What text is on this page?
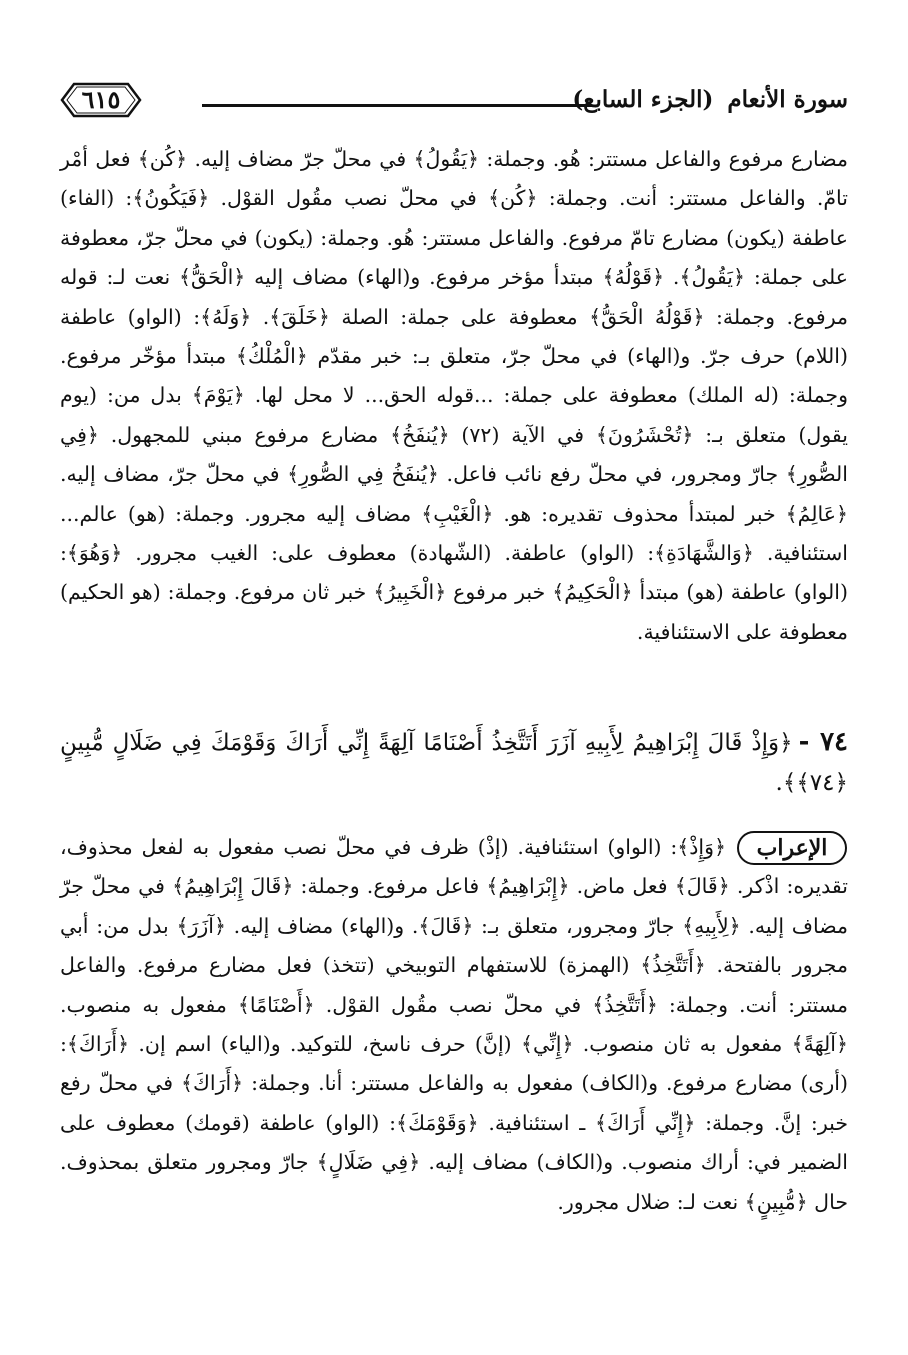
٦١٥	سورة الأنعام(الجزء السابع)

مضارع مرفوع والفاعل مستتر: هُو. وجملة: ﴿يَقُولُ﴾ في محلّ جرّ مضاف إليه. ﴿كُن﴾ فعل أمْر تامّ. والفاعل مستتر: أنت. وجملة: ﴿كُن﴾ في محلّ نصب مقُول القوْل. ﴿فَيَكُونُ﴾: (الفاء) عاطفة (يكون) مضارع تامّ مرفوع. والفاعل مستتر: هُو. وجملة: (يكون) في محلّ جرّ، معطوفة على جملة: ﴿يَقُولُ﴾. ﴿قَوْلُهُ﴾ مبتدأ مؤخر مرفوع. و(الهاء) مضاف إليه ﴿الْحَقُّ﴾ نعت لـ: قوله مرفوع. وجملة: ﴿قَوْلُهُ الْحَقُّ﴾ معطوفة على جملة: الصلة ﴿خَلَقَ﴾. ﴿وَلَهُ﴾: (الواو) عاطفة (اللام) حرف جرّ. و(الهاء) في محلّ جرّ، متعلق بـ: خبر مقدّم ﴿الْمُلْكُ﴾ مبتدأ مؤخّر مرفوع. وجملة: (له الملك) معطوفة على جملة: ...قوله الحق... لا محل لها. ﴿يَوْمَ﴾ بدل من: (يوم يقول) متعلق بـ: ﴿تُحْشَرُونَ﴾ في الآية (٧٢) ﴿يُنفَخُ﴾ مضارع مرفوع مبني للمجهول. ﴿فِي الصُّورِ﴾ جارّ ومجرور، في محلّ رفع نائب فاعل. ﴿يُنفَخُ فِي الصُّورِ﴾ في محلّ جرّ، مضاف إليه. ﴿عَالِمُ﴾ خبر لمبتدأ محذوف تقديره: هو. ﴿الْغَيْبِ﴾ مضاف إليه مجرور. وجملة: (هو) عالم... استئنافية. ﴿وَالشَّهَادَةِ﴾: (الواو) عاطفة. (الشّهادة) معطوف على: الغيب مجرور. ﴿وَهُوَ﴾: (الواو) عاطفة (هو) مبتدأ ﴿الْحَكِيمُ﴾ خبر مرفوع ﴿الْخَبِيرُ﴾ خبر ثان مرفوع. وجملة: (هو الحكيم) معطوفة على الاستئنافية.

٧٤ -﴿وَإِذْ قَالَ إِبْرَاهِيمُ لِأَبِيهِ آزَرَ أَتَتَّخِذُ أَصْنَامًا آلِهَةً إِنِّي أَرَاكَ وَقَوْمَكَ فِي ضَلَالٍ مُّبِينٍ ﴿٧٤﴾﴾.
الإعراب

﴿وَإِذْ﴾: (الواو) استئنافية. (إذْ) ظرف في محلّ نصب مفعول به لفعل محذوف، تقديره: اذْكر. ﴿قَالَ﴾ فعل ماض. ﴿إِبْرَاهِيمُ﴾ فاعل مرفوع. وجملة: ﴿قَالَ إِبْرَاهِيمُ﴾ في محلّ جرّ مضاف إليه. ﴿لِأَبِيهِ﴾ جارّ ومجرور، متعلق بـ: ﴿قَالَ﴾. و(الهاء) مضاف إليه. ﴿آزَرَ﴾ بدل من: أبي مجرور بالفتحة. ﴿أَتَتَّخِذُ﴾ (الهمزة) للاستفهام التوبيخي (تتخذ) فعل مضارع مرفوع. والفاعل مستتر: أنت. وجملة: ﴿أَتَتَّخِذُ﴾ في محلّ نصب مقُول القوْل. ﴿أَصْنَامًا﴾ مفعول به منصوب. ﴿آلِهَةً﴾ مفعول به ثان منصوب. ﴿إِنِّي﴾ (إنَّ) حرف ناسخ، للتوكيد. و(الياء) اسم إن. ﴿أَرَاكَ﴾: (أرى) مضارع مرفوع. و(الكاف) مفعول به والفاعل مستتر: أنا. وجملة: ﴿أَرَاكَ﴾ في محلّ رفع خبر: إنَّ. وجملة: ﴿إِنِّي أَرَاكَ﴾ ـ استئنافية. ﴿وَقَوْمَكَ﴾: (الواو) عاطفة (قومك) معطوف على الضمير في: أراك منصوب. و(الكاف) مضاف إليه. ﴿فِي ضَلَالٍ﴾ جارّ ومجرور متعلق بمحذوف. حال ﴿مُّبِينٍ﴾ نعت لـ: ضلال مجرور.
